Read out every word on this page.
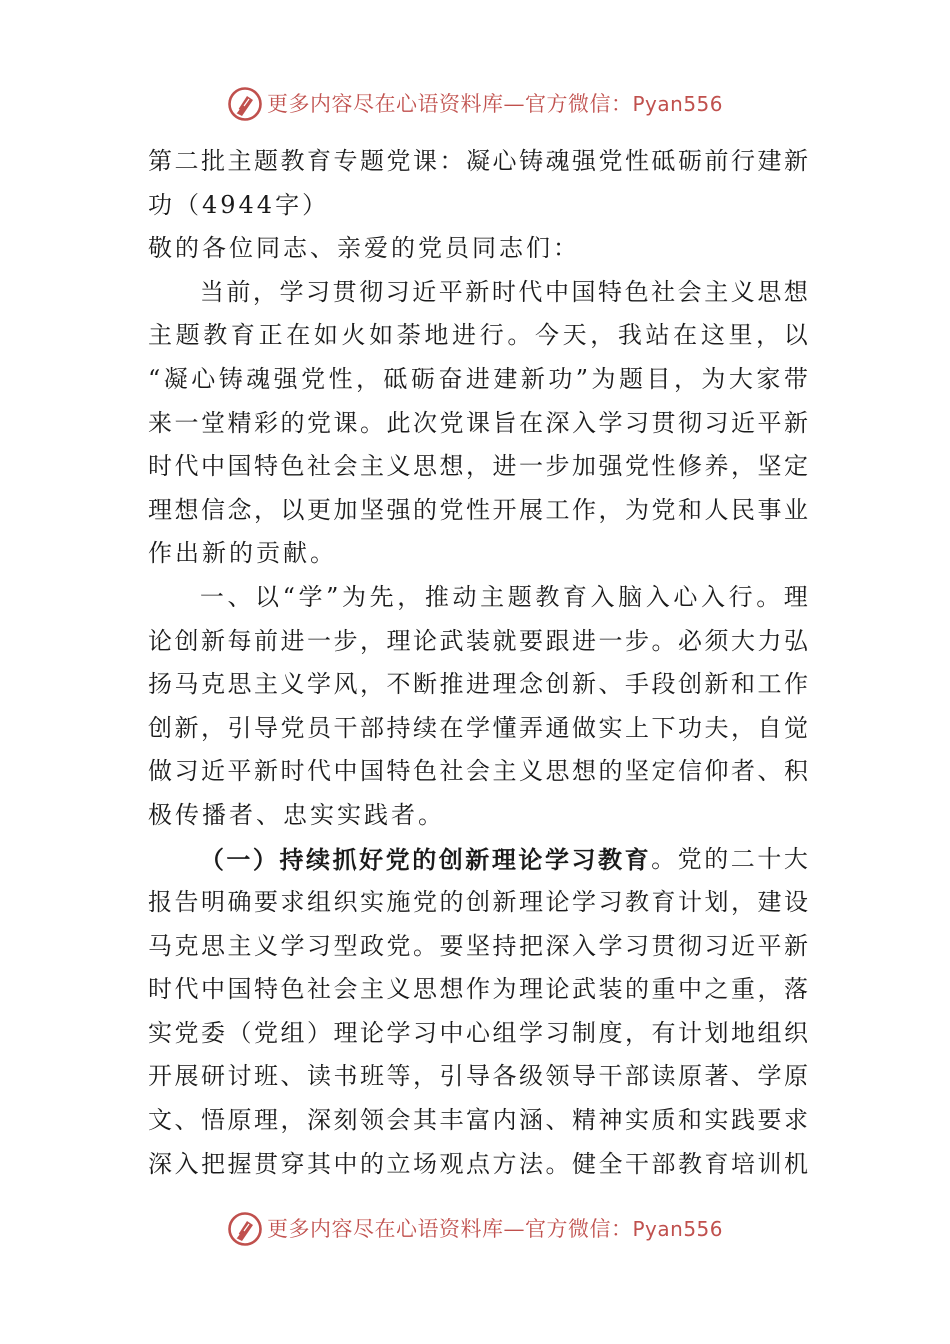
更多内容尽在心语资料库—官方微信： Pyan556
第 二 批 主 题 教 育 专 题 党 课 ： 凝 心 铸 魂 强 党 性 砥 砺 前 行 建 新
功（4944字）
敬的各位同志、亲爱的党员同志们：
当 前 ， 学 习 贯 彻 习 近 平 新 时 代 中 国 特 色 社 会 主 义 思 想
主 题 教 育 正 在 如 火 如 荼 地 进 行 。 今 天 ， 我 站 在 这 里 ， 以
“ 凝 心 铸 魂 强 党 性 ， 砥 砺 奋 进 建 新 功 ” 为 题 目 ， 为 大 家 带
来 一 堂 精 彩 的 党 课 。 此 次 党 课 旨 在 深 入 学 习 贯 彻 习 近 平 新
时 代 中 国 特 色 社 会 主 义 思 想 ， 进 一 步 加 强 党 性 修 养 ， 坚 定
理 想 信 念 ， 以 更 加 坚 强 的 党 性 开 展 工 作 ， 为 党 和 人 民 事 业
作出新的贡献。
一 、 以 “ 学 ” 为 先 ， 推 动 主 题 教 育 入 脑 入 心 入 行 。 理
论 创 新 每 前 进 一 步 ， 理 论 武 装 就 要 跟 进 一 步 。 必 须 大 力 弘
扬 马 克 思 主 义 学 风 ， 不 断 推 进 理 念 创 新 、 手 段 创 新 和 工 作
创 新 ， 引 导 党 员 干 部 持 续 在 学 懂 弄 通 做 实 上 下 功 夫 ， 自 觉
做 习 近 平 新 时 代 中 国 特 色 社 会 主 义 思 想 的 坚 定 信 仰 者 、 积
极传播者、忠实实践者。
（ 一 ） 持 续 抓 好 党 的 创 新 理 论 学 习 教 育 。 党 的 二 十 大
报 告 明 确 要 求 组 织 实 施 党 的 创 新 理 论 学 习 教 育 计 划 ， 建 设
马 克 思 主 义 学 习 型 政 党 。 要 坚 持 把 深 入 学 习 贯 彻 习 近 平 新
时 代 中 国 特 色 社 会 主 义 思 想 作 为 理 论 武 装 的 重 中 之 重 ， 落
实 党 委 （ 党 组 ） 理 论 学 习 中 心 组 学 习 制 度 ， 有 计 划 地 组 织
开 展 研 讨 班 、 读 书 班 等 ， 引 导 各 级 领 导 干 部 读 原 著 、 学 原
文 、 悟 原 理 ， 深 刻 领 会 其 丰 富 内 涵 、 精 神 实 质 和 实 践 要 求
深 入 把 握 贯 穿 其 中 的 立 场 观 点 方 法 。 健 全 干 部 教 育 培 训 机
更多内容尽在心语资料库—官方微信： Pyan556
